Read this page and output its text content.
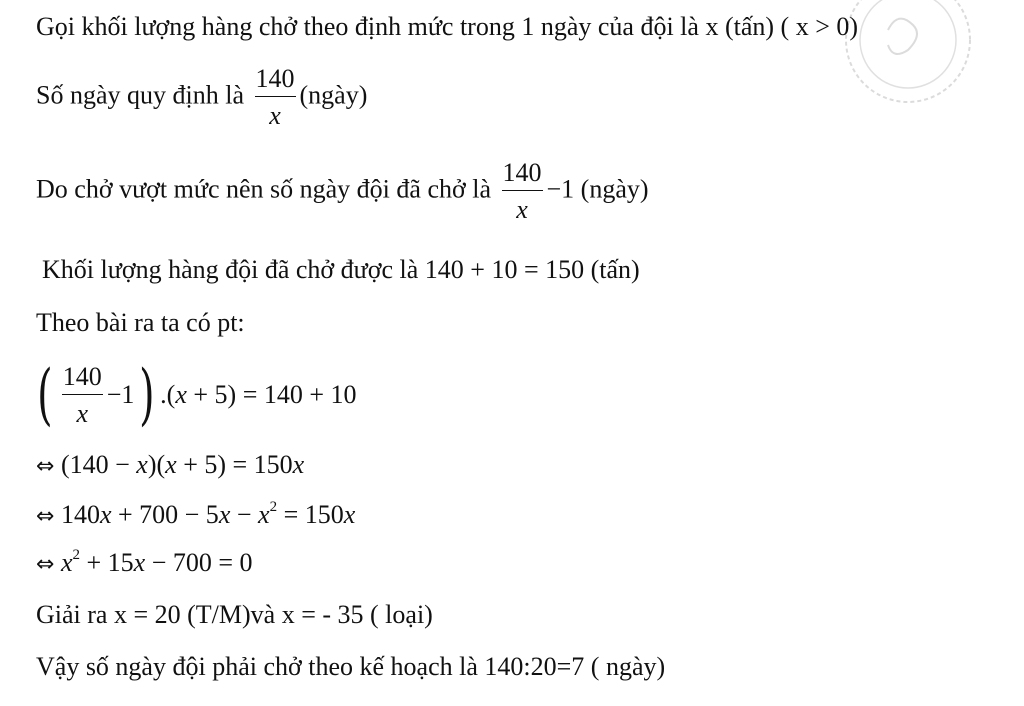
Gọi khối lượng hàng chở theo định mức trong 1 ngày của đội là x (tấn) ( x > 0)
Số ngày quy định là $\frac{140}{x}$ (ngày)
Do chở vượt mức nên số ngày đội đã chở là $\frac{140}{x} -1$ (ngày)
Khối lượng hàng đội đã chở được là 140 + 10 = 150 (tấn)
Theo bài ra ta có pt:
( $\frac{140}{x} -1$) .(x + 5) = 140 + 10
⇔ (140 − x)(x + 5) = 150x
⇔ $140x + 700 - 5x - x^2 = 150x$
⇔ $x^2 + 15x - 700 = 0$
Giải ra x = 20 (T/M)và x = - 35 ( loại)
Vậy số ngày đội phải chở theo kế hoạch là 140:20=7 ( ngày)
